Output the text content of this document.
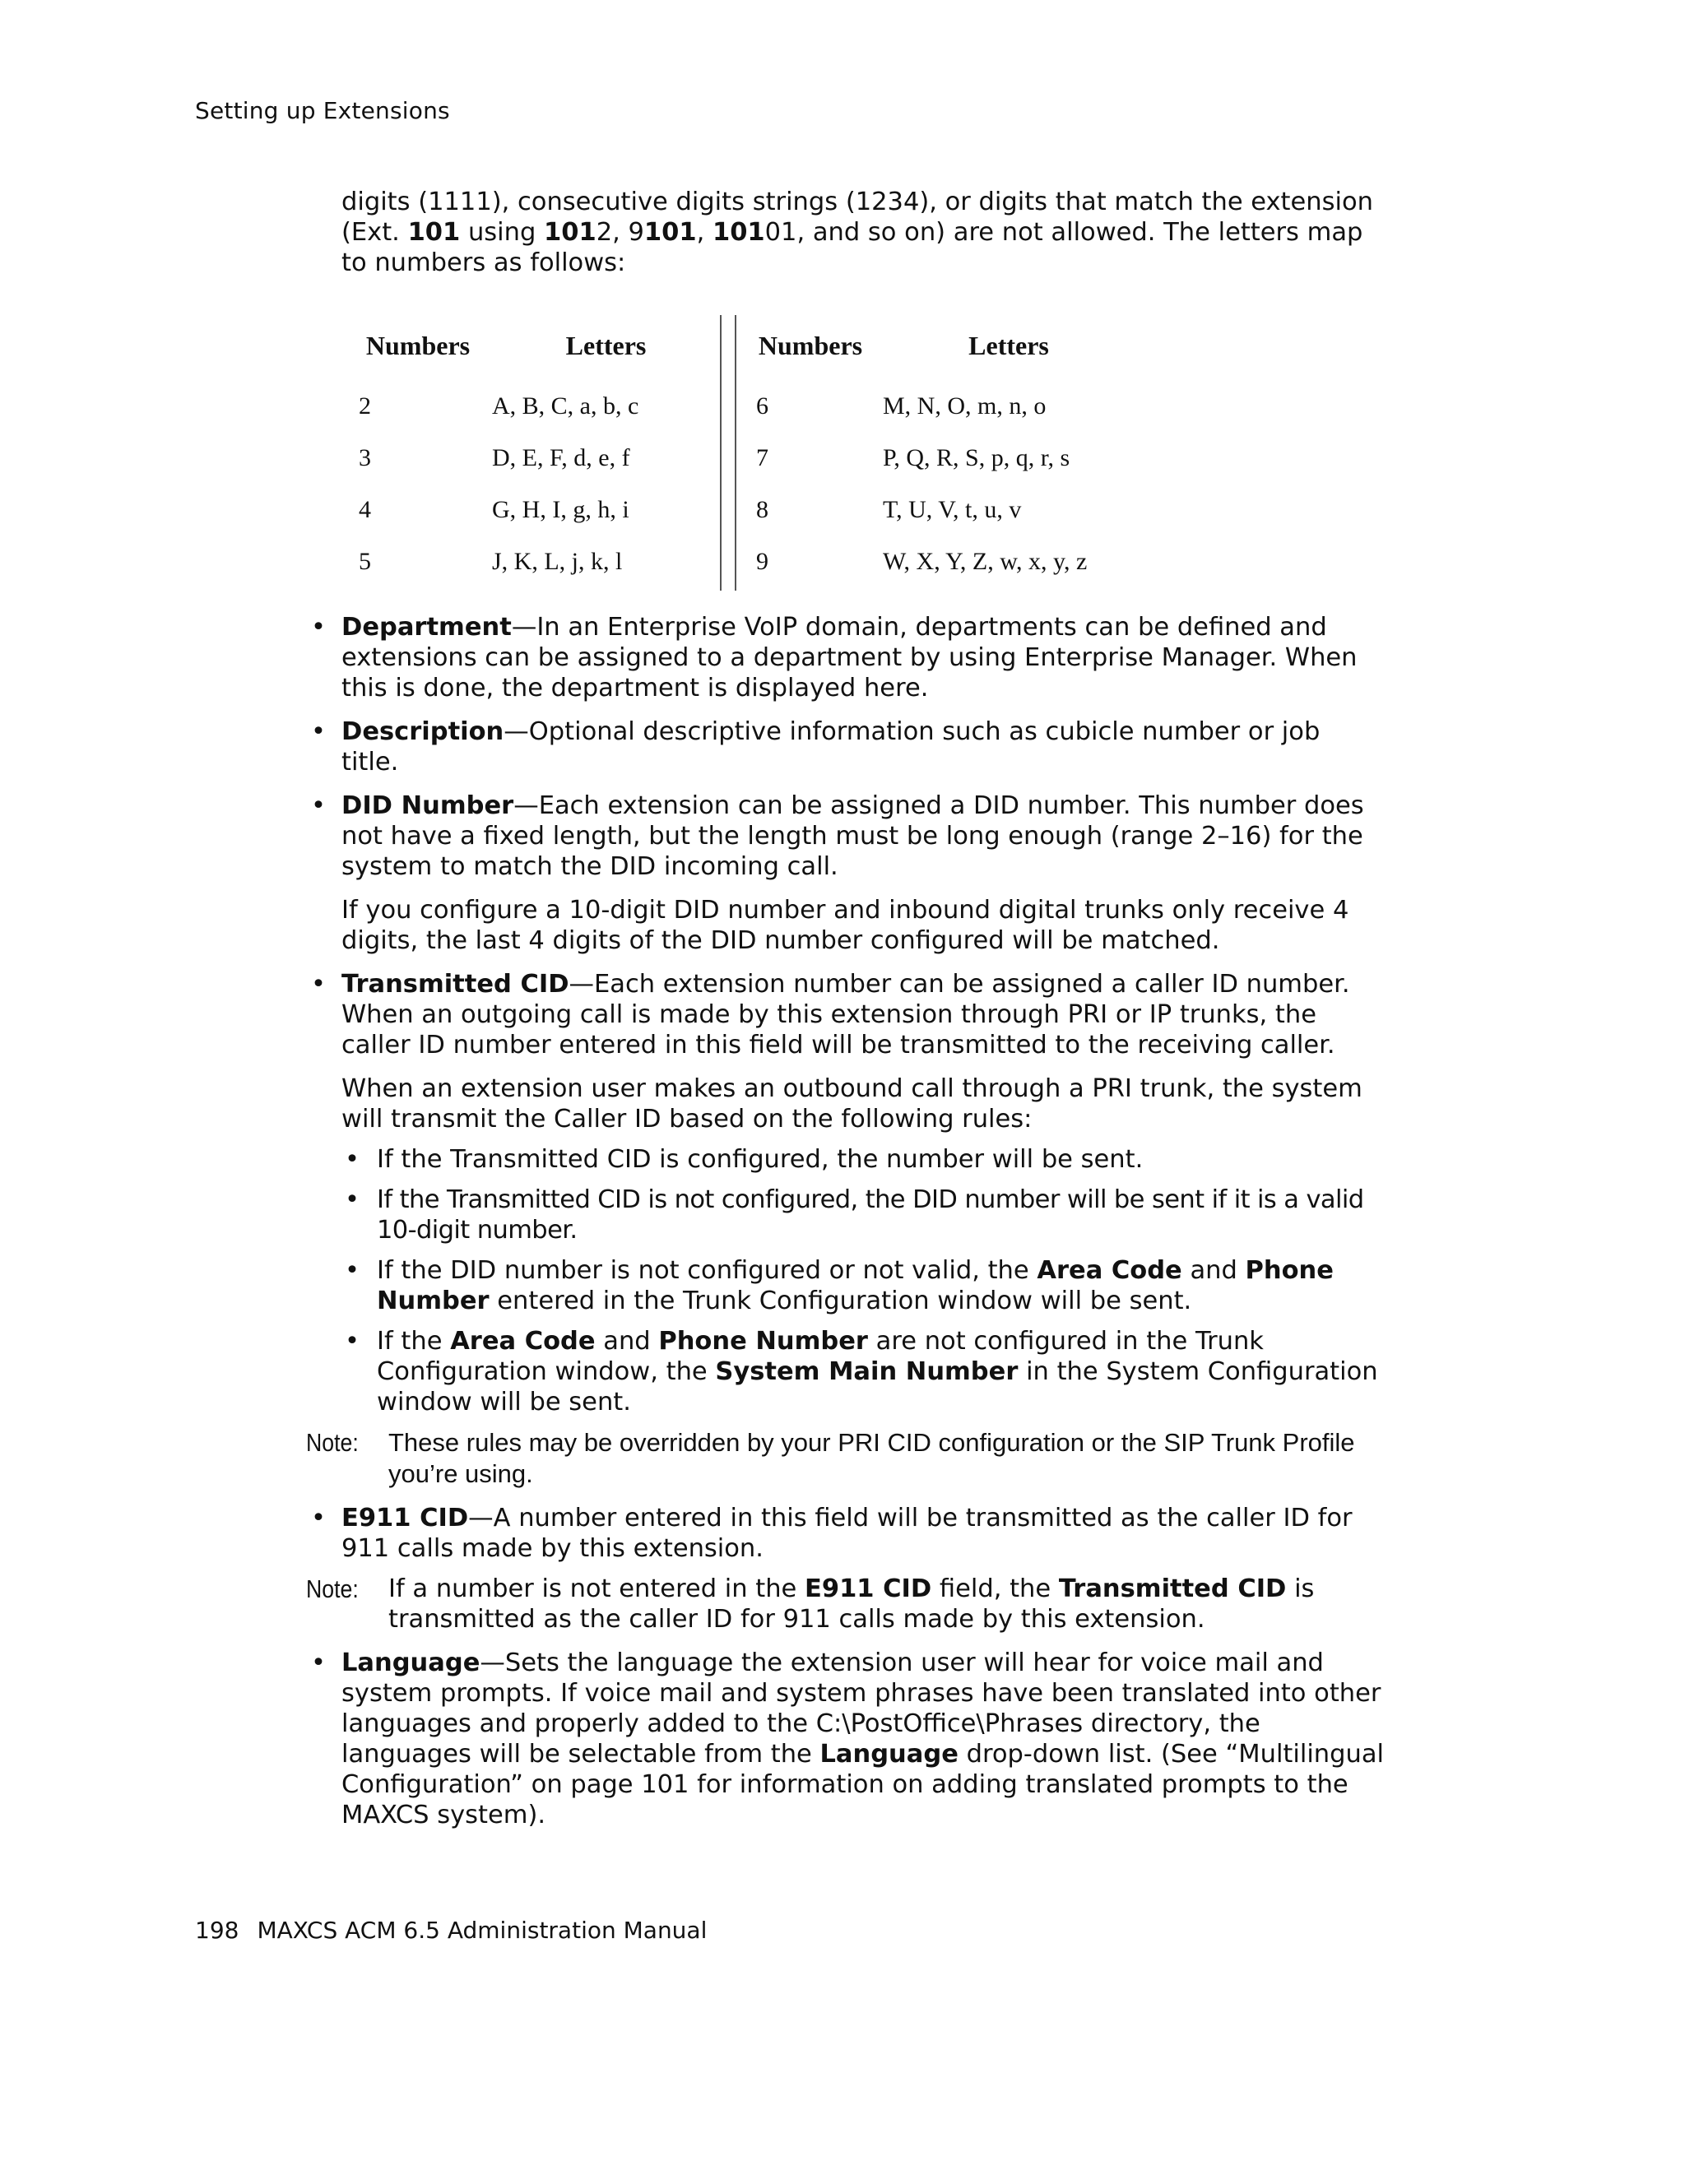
Setting up Extensions
digits (1111), consecutive digits strings (1234), or digits that match the extension (Ext. 101 using 1012, 9101, 10101, and so on) are not allowed. The letters map to numbers as follows:
Numbers	Letters		Numbers	Letters
2	A, B, C, a, b, c		6	M, N, O, m, n, o
3	D, E, F, d, e, f		7	P, Q, R, S, p, q, r, s
4	G, H, I, g, h, i		8	T, U, V, t, u, v
5	J, K, L, j, k, l		9	W, X, Y, Z, w, x, y, z
• Department—In an Enterprise VoIP domain, departments can be defined and extensions can be assigned to a department by using Enterprise Manager. When this is done, the department is displayed here.

• Description—Optional descriptive information such as cubicle number or job title.

• DID Number—Each extension can be assigned a DID number. This number does not have a fixed length, but the length must be long enough (range 2–16) for the system to match the DID incoming call.

If you configure a 10-digit DID number and inbound digital trunks only receive 4 digits, the last 4 digits of the DID number configured will be matched.

• Transmitted CID—Each extension number can be assigned a caller ID number. When an outgoing call is made by this extension through PRI or IP trunks, the caller ID number entered in this field will be transmitted to the receiving caller.

When an extension user makes an outbound call through a PRI trunk, the system will transmit the Caller ID based on the following rules:

• If the Transmitted CID is configured, the number will be sent.
• If the Transmitted CID is not configured, the DID number will be sent if it is a valid 10-digit number.
• If the DID number is not configured or not valid, the Area Code and Phone Number entered in the Trunk Configuration window will be sent.
• If the Area Code and Phone Number are not configured in the Trunk Configuration window, the System Main Number in the System Configuration window will be sent.
Note: These rules may be overridden by your PRI CID configuration or the SIP Trunk Profile you’re using.
• E911 CID—A number entered in this field will be transmitted as the caller ID for 911 calls made by this extension.

Note: If a number is not entered in the E911 CID field, the Transmitted CID is transmitted as the caller ID for 911 calls made by this extension.
• Language—Sets the language the extension user will hear for voice mail and system prompts. If voice mail and system phrases have been translated into other languages and properly added to the C:\PostOffice\Phrases directory, the languages will be selectable from the Language drop-down list. (See “Multilingual Configuration” on page 101 for information on adding translated prompts to the MAXCS system).

198 MAXCS ACM 6.5 Administration Manual
